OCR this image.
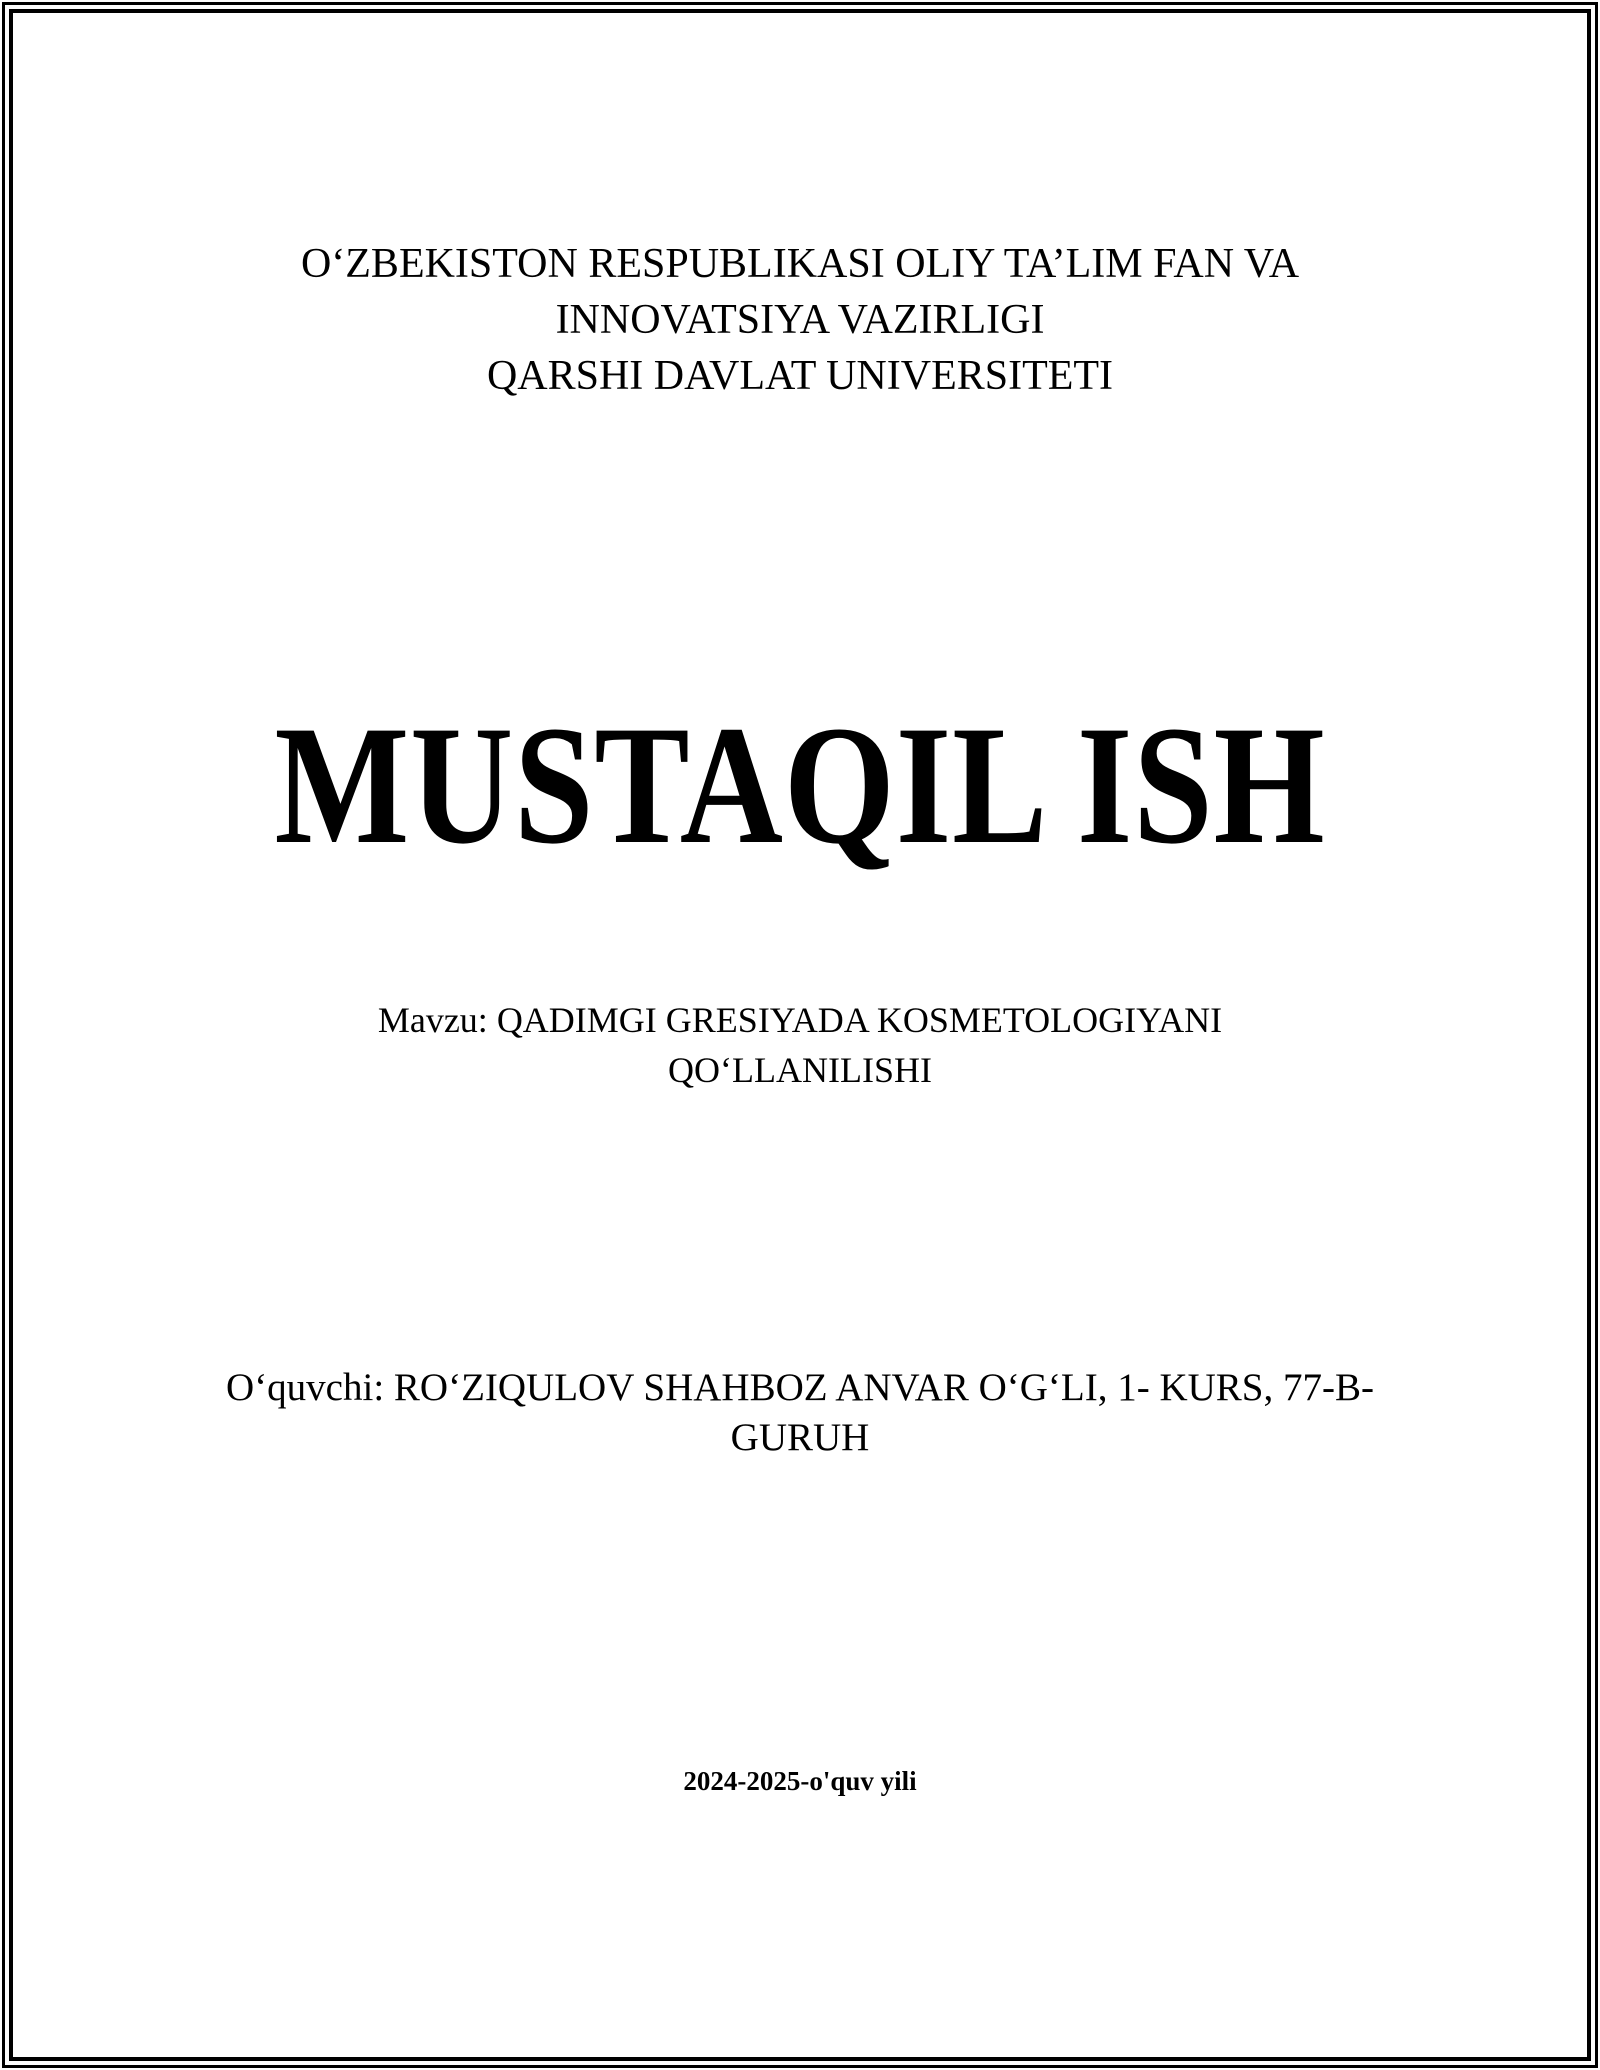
O‘ZBEKISTON RESPUBLIKASI OLIY TA’LIM FAN VA
INNOVATSIYA VAZIRLIGI
QARSHI DAVLAT UNIVERSITETI
MUSTAQIL ISH
Mavzu: QADIMGI GRESIYADA KOSMETOLOGIYANI
QO‘LLANILISHI
O‘quvchi: RO‘ZIQULOV SHAHBOZ ANVAR O‘G‘LI, 1- KURS, 77-B-
GURUH
2024-2025-o'quv yili
